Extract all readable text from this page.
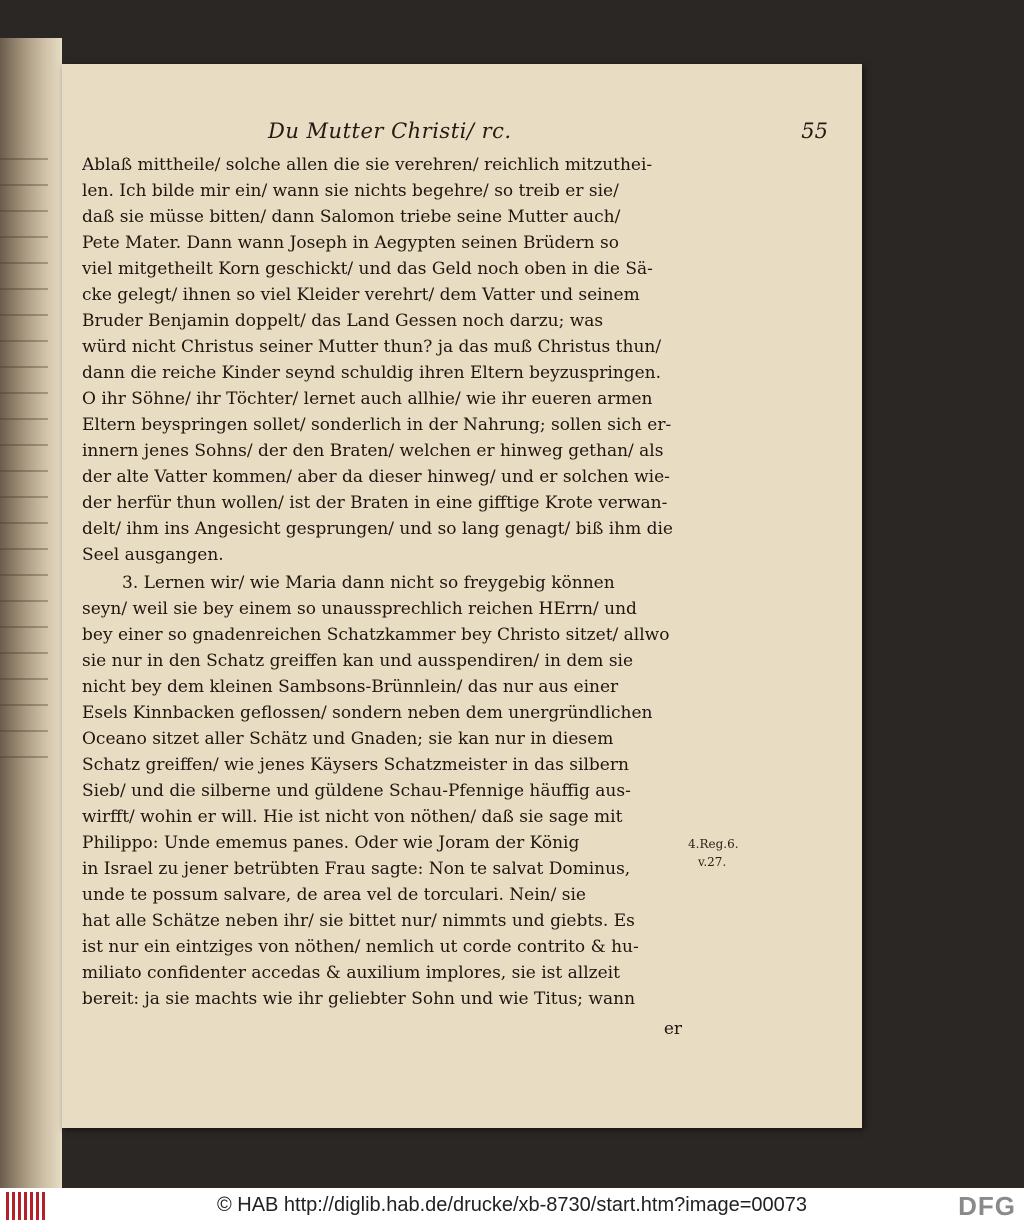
Du Mutter Christi/ rc.	55
Ablaß mittheile/ solche allen die sie verehren/ reichlich mitzuthei-
len. Ich bilde mir ein/ wann sie nichts begehre/ so treib er sie/
daß sie müsse bitten/ dann Salomon triebe seine Mutter auch/
Pete Mater. Dann wann Joseph in Aegypten seinen Brüdern so
viel mitgetheilt Korn geschickt/ und das Geld noch oben in die Sä-
cke gelegt/ ihnen so viel Kleider verehrt/ dem Vatter und seinem
Bruder Benjamin doppelt/ das Land Gessen noch darzu; was
würd nicht Christus seiner Mutter thun? ja das muß Christus thun/
dann die reiche Kinder seynd schuldig ihren Eltern beyzuspringen.
O ihr Söhne/ ihr Töchter/ lernet auch allhie/ wie ihr eueren armen
Eltern beyspringen sollet/ sonderlich in der Nahrung; sollen sich er-
innern jenes Sohns/ der den Braten/ welchen er hinweg gethan/ als
der alte Vatter kommen/ aber da dieser hinweg/ und er solchen wie-
der herfür thun wollen/ ist der Braten in eine gifftige Krote verwan-
delt/ ihm ins Angesicht gesprungen/ und so lang genagt/ biß ihm die
Seel ausgangen.
3. Lernen wir/ wie Maria dann nicht so freygebig können
seyn/ weil sie bey einem so unaussprechlich reichen HErrn/ und
bey einer so gnadenreichen Schatzkammer bey Christo sitzet/ allwo
sie nur in den Schatz greiffen kan und ausspendiren/ in dem sie
nicht bey dem kleinen Sambsons-Brünnlein/ das nur aus einer
Esels Kinnbacken geflossen/ sondern neben dem unergründlichen
Oceano sitzet aller Schätz und Gnaden; sie kan nur in diesem
Schatz greiffen/ wie jenes Käysers Schatzmeister in das silbern
Sieb/ und die silberne und güldene Schau-Pfennige häuffig aus-
wirfft/ wohin er will. Hie ist nicht von nöthen/ daß sie sage mit
Philippo: Unde ememus panes. Oder wie Joram der König
in Israel zu jener betrübten Frau sagte: Non te salvat Dominus,
unde te possum salvare, de area vel de torculari. Nein/ sie
hat alle Schätze neben ihr/ sie bittet nur/ nimmts und giebts. Es
ist nur ein eintziges von nöthen/ nemlich ut corde contrito & hu-
miliato confidenter accedas & auxilium implores, sie ist allzeit
bereit: ja sie machts wie ihr geliebter Sohn und wie Titus; wann
er
4.Reg.6.
v.27.
© HAB http://diglib.hab.de/drucke/xb-8730/start.htm?image=00073	DFG
